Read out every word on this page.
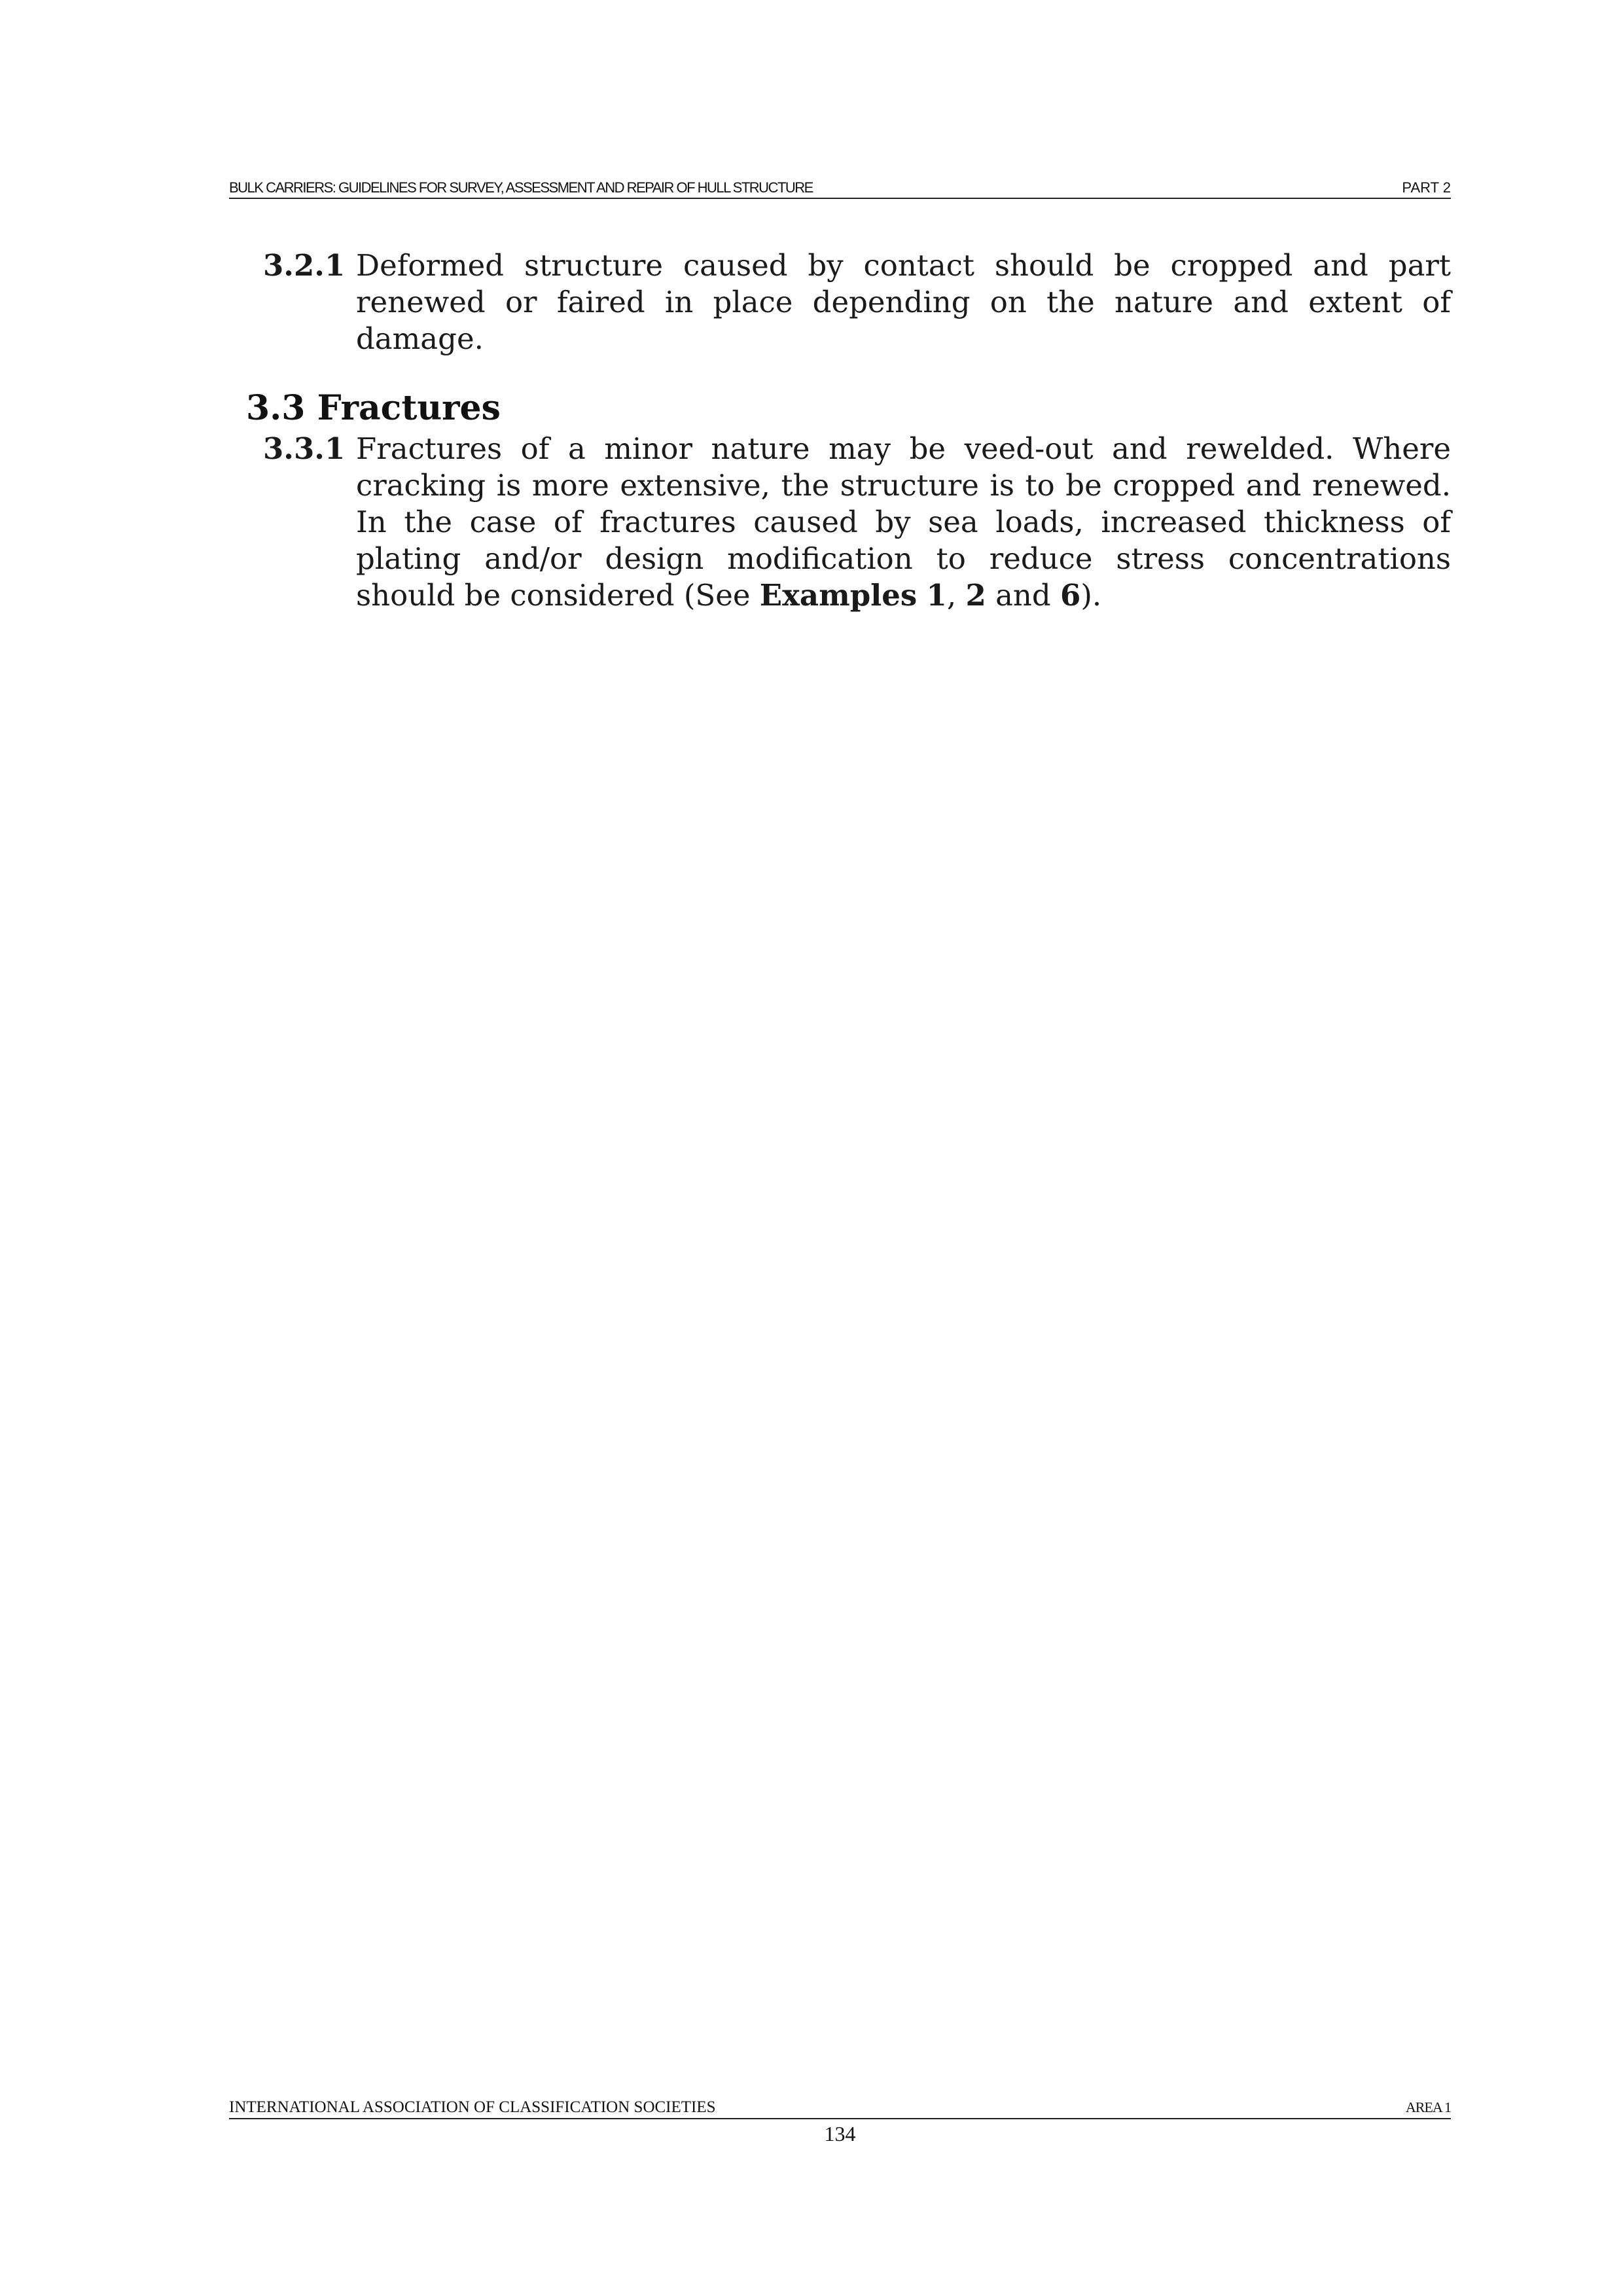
BULK CARRIERS: GUIDELINES FOR SURVEY, ASSESSMENT AND REPAIR OF HULL STRUCTURE	PART 2
3.2.1 Deformed structure caused by contact should be cropped and part renewed or faired in place depending on the nature and extent of damage.
3.3 Fractures
3.3.1 Fractures of a minor nature may be veed-out and rewelded. Where cracking is more extensive, the structure is to be cropped and renewed. In the case of fractures caused by sea loads, increased thickness of plating and/or design modification to reduce stress concentrations should be considered (See Examples 1, 2 and 6).
INTERNATIONAL ASSOCIATION OF CLASSIFICATION SOCIETIES	AREA 1
134
